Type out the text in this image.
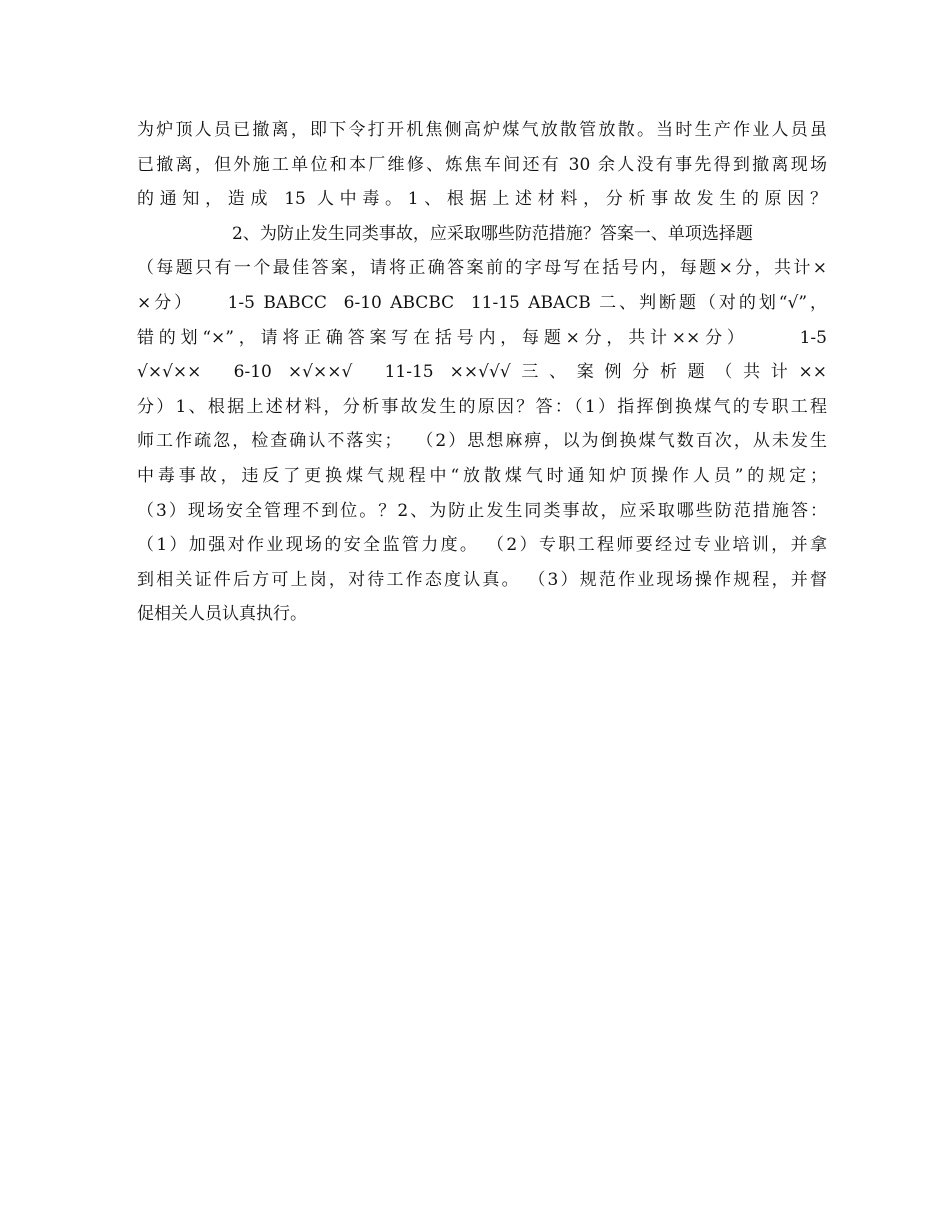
为炉顶人员已撤离，即下令打开机焦侧高炉煤气放散管放散。当时生产作业人员虽
已撤离，但外施工单位和本厂维修、炼焦车间还有 30 余人没有事先得到撤离现场
的通知，造成 15 人中毒。1、根据上述材料，分析事故发生的原因？
2、为防止发生同类事故，应采取哪些防范措施？答案一、单项选择题
（每题只有一个最佳答案，请将正确答案前的字母写在括号内，每题×分，共计×
×分）    1-5 BABCC  6-10 ABCBC  11-15 ABACB 二、判断题（对的划“√”，
错的划“×”，请将正确答案写在括号内，每题×分，共计××分）     1-5
√×√××  6-10 ×√××√  11-15 ××√√√三、案例分析题（共计××
分）1、根据上述材料，分析事故发生的原因？答：（1）指挥倒换煤气的专职工程
师工作疏忽，检查确认不落实；  （2）思想麻痹，以为倒换煤气数百次，从未发生
中毒事故，违反了更换煤气规程中“放散煤气时通知炉顶操作人员”的规定；
（3）现场安全管理不到位。？2、为防止发生同类事故，应采取哪些防范措施答：
（1）加强对作业现场的安全监管力度。 （2）专职工程师要经过专业培训，并拿
到相关证件后方可上岗，对待工作态度认真。 （3）规范作业现场操作规程，并督
促相关人员认真执行。
